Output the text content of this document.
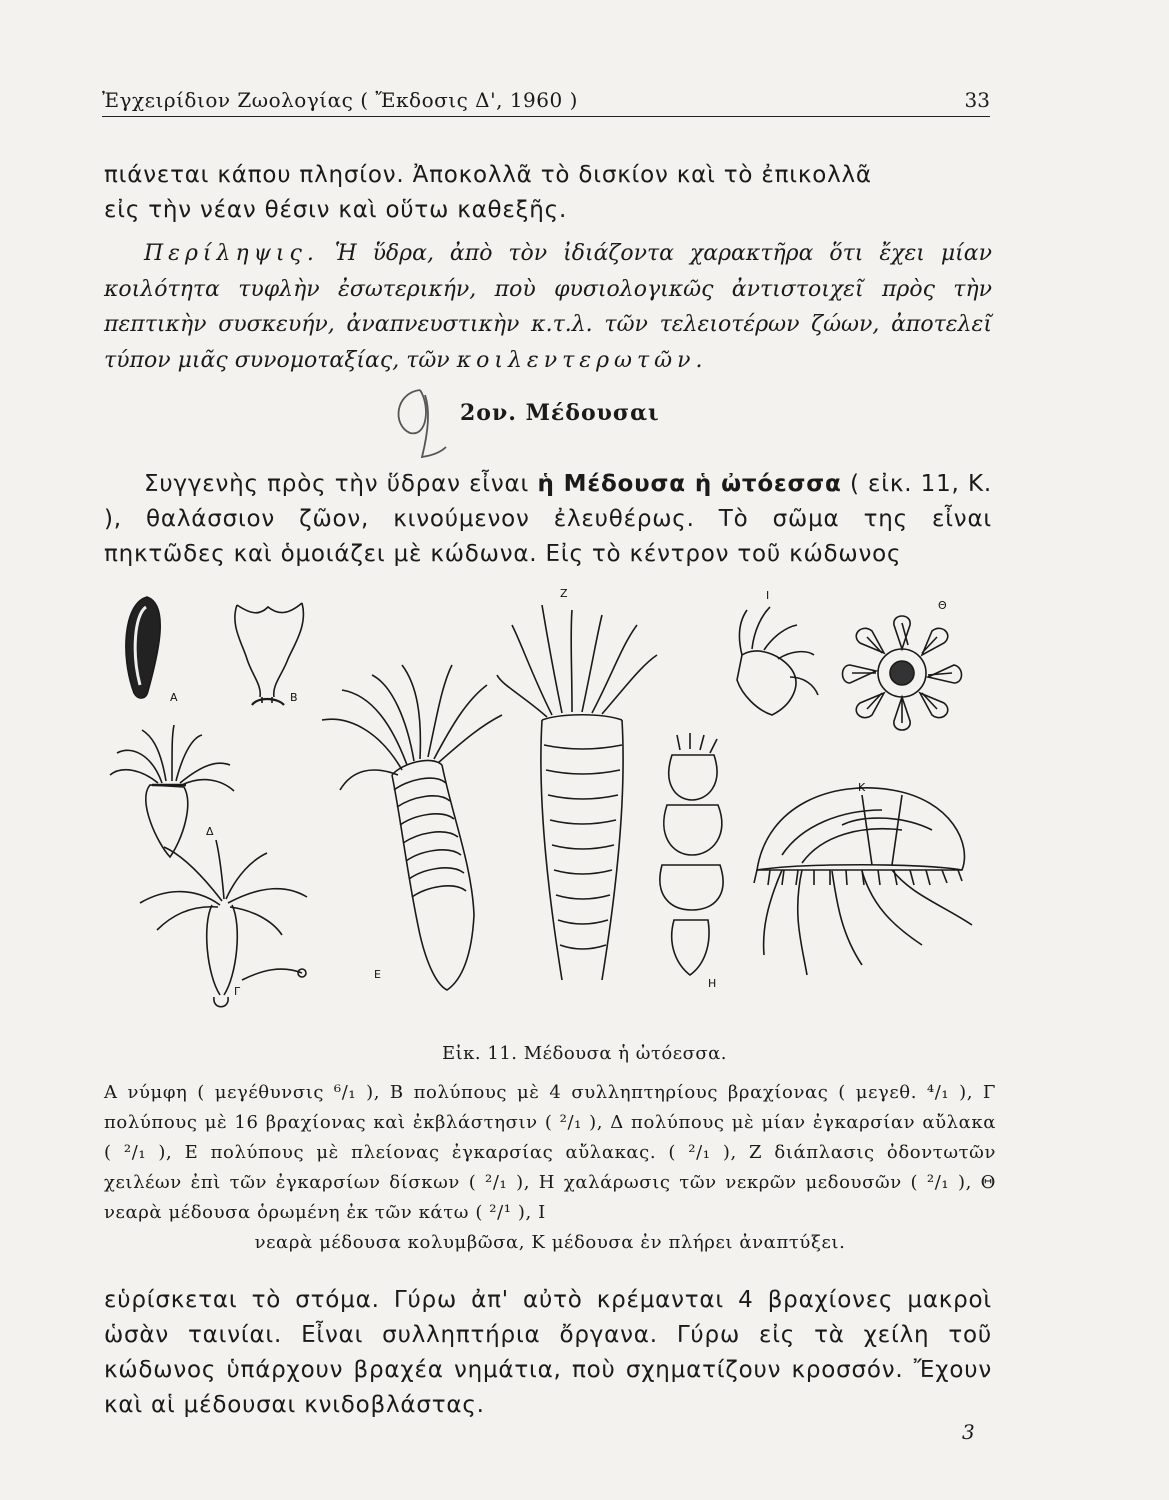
Ἐγχειρίδιον Ζωολογίας ( Ἔκδοσις Δ', 1960 )	33
πιάνεται κάπου πλησίον. Ἀποκολλᾶ τὸ δισκίον καὶ τὸ ἐπικολλᾶ
εἰς τὴν νέαν θέσιν καὶ οὕτω καθεξῆς.
Περίληψις. Ἡ ὕδρα, ἀπὸ τὸν ἰδιάζοντα χαρακτῆρα ὅτι ἔχει μίαν κοιλότητα τυφλὴν ἐσωτερικήν, ποὺ φυσιολογικῶς ἀντιστοιχεῖ πρὸς τὴν πεπτικὴν συσκευήν, ἀναπνευστικὴν κ.τ.λ. τῶν τελειοτέρων ζώων, ἀποτελεῖ τύπον μιᾶς συνομοταξίας, τῶν κοιλεντερωτῶν.
2ον. Μέδουσαι
Συγγενὴς πρὸς τὴν ὕδραν εἶναι ἡ Μέδουσα ἡ ὠτόεσσα ( εἰκ. 11, Κ. ), θαλάσσιον ζῶον, κινούμενον ἐλευθέρως. Τὸ σῶμα της εἶναι πηκτῶδες καὶ ὁμοιάζει μὲ κώδωνα. Εἰς τὸ κέντρον τοῦ κώδωνος
Α	Β
Δ
Γ
Ε
Ζ
Η
Θ
Ι
Κ
Εἰκ. 11. Μέδουσα ἡ ὠτόεσσα.
Α νύμφη ( μεγέθυνσις ⁶/₁ ), Β πολύπους μὲ 4 συλληπτηρίους βραχίονας ( μεγεθ. ⁴/₁ ), Γ πολύπους μὲ 16 βραχίονας καὶ ἐκβλάστησιν ( ²/₁ ), Δ πολύπους μὲ μίαν ἐγκαρσίαν αὔλακα ( ²/₁ ), Ε πολύπους μὲ πλείονας ἐγκαρσίας αὔλακας. ( ²/₁ ), Ζ διάπλασις ὀδοντωτῶν χειλέων ἐπὶ τῶν ἐγκαρσίων δίσκων ( ²/₁ ), Η χαλάρωσις τῶν νεκρῶν μεδουσῶν ( ²/₁ ), Θ νεαρὰ μέδουσα ὁρωμένη ἐκ τῶν κάτω ( ²/¹ ), Ι
νεαρὰ μέδουσα κολυμβῶσα, Κ μέδουσα ἐν πλήρει ἀναπτύξει.
εὑρίσκεται τὸ στόμα. Γύρω ἀπ' αὐτὸ κρέμανται 4 βραχίονες μακροὶ ὡσὰν ταινίαι. Εἶναι συλληπτήρια ὄργανα. Γύρω εἰς τὰ χείλη τοῦ κώδωνος ὑπάρχουν βραχέα νημάτια, ποὺ σχηματίζουν κροσσόν. Ἔχουν καὶ αἱ μέδουσαι κνιδοβλάστας.
3
